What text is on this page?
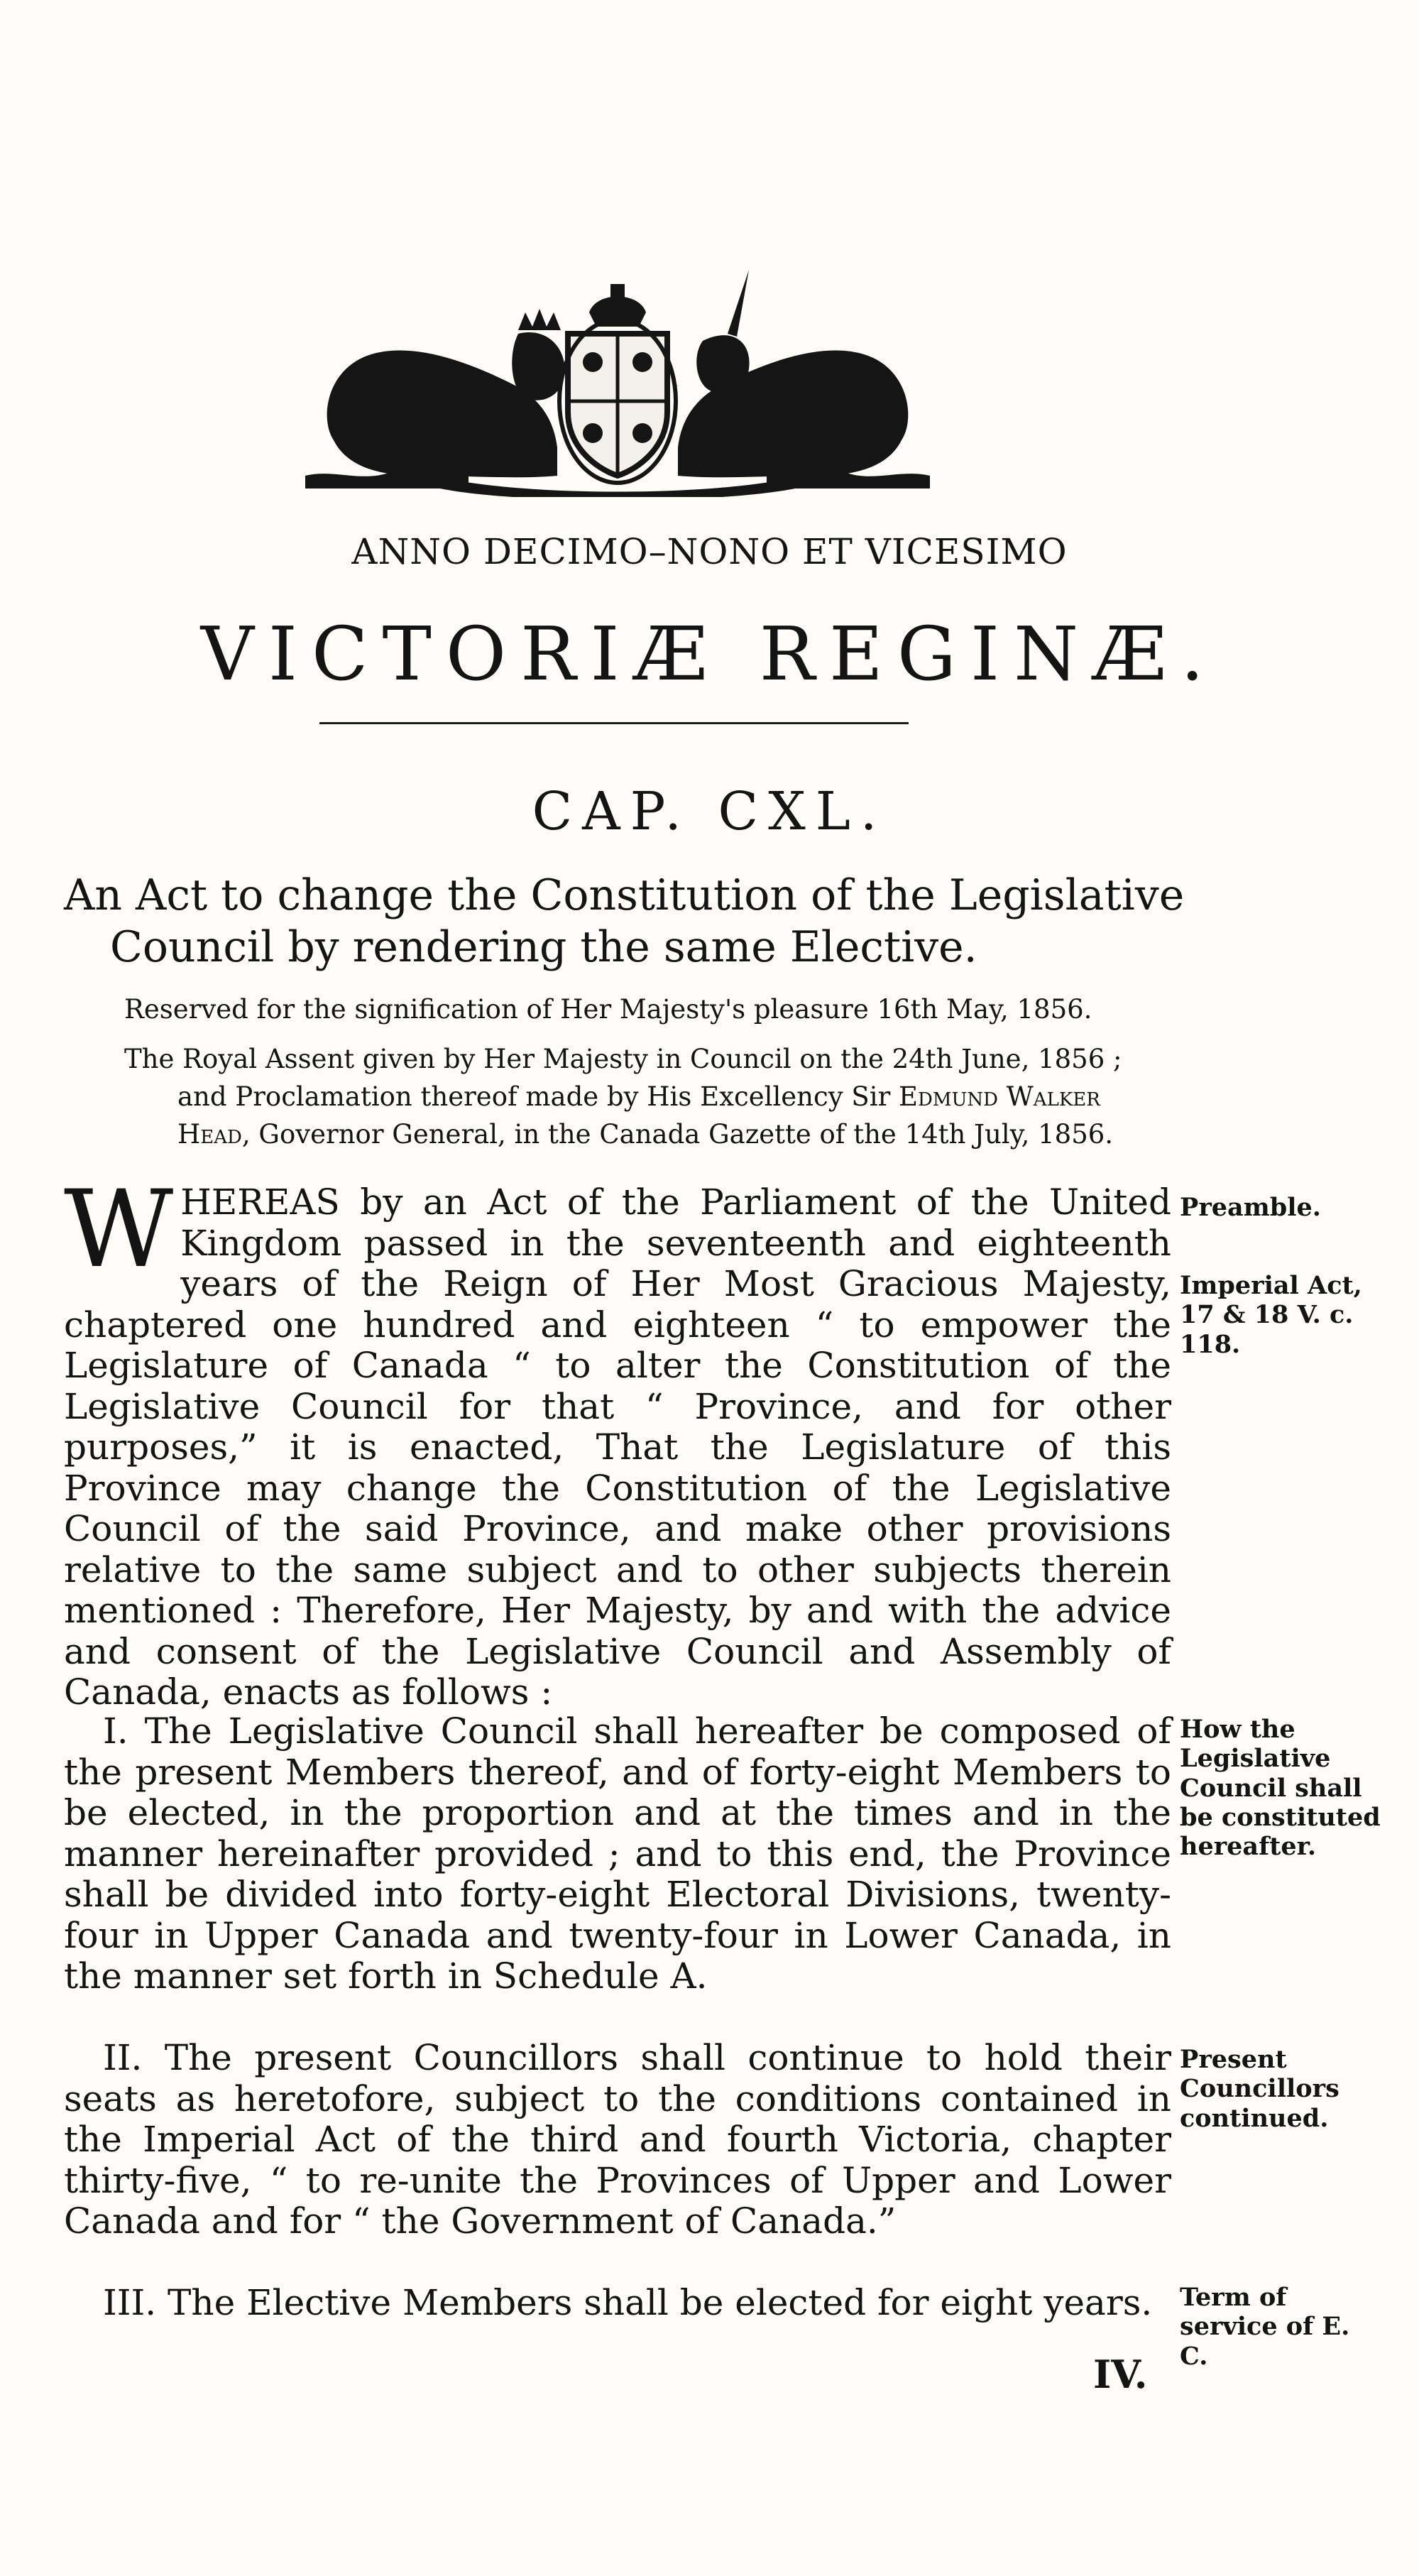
ANNO DECIMO–NONO ET VICESIMO
VICTORIÆ REGINÆ.
CAP. CXL.
An Act to change the Constitution of the Legislative
Council by rendering the same Elective.
Reserved for the signification of Her Majesty's pleasure 16th May, 1856.
The Royal Assent given by Her Majesty in Council on the 24th June, 1856 ;
and Proclamation thereof made by His Excellency Sir Edmund Walker
Head, Governor General, in the Canada Gazette of the 14th July, 1856.
WHEREAS by an Act of the Parliament of the United Kingdom passed in the seventeenth and eighteenth years of the Reign of Her Most Gracious Majesty, chaptered one hundred and eighteen “ to empower the Legislature of Canada “ to alter the Constitution of the Legislative Council for that “ Province, and for other purposes,” it is enacted, That the Legislature of this Province may change the Constitution of the Legislative Council of the said Province, and make other provisions relative to the same subject and to other subjects therein mentioned : Therefore, Her Majesty, by and with the advice and consent of the Legislative Council and Assembly of Canada, enacts as follows :
I. The Legislative Council shall hereafter be composed of the present Members thereof, and of forty-eight Members to be elected, in the proportion and at the times and in the manner hereinafter provided ; and to this end, the Province shall be divided into forty-eight Electoral Divisions, twenty-four in Upper Canada and twenty-four in Lower Canada, in the manner set forth in Schedule A.
II. The present Councillors shall continue to hold their seats as heretofore, subject to the conditions contained in the Imperial Act of the third and fourth Victoria, chapter thirty-five, “ to re-unite the Provinces of Upper and Lower Canada and for “ the Government of Canada.”
III. The Elective Members shall be elected for eight years.
Preamble.
Imperial Act, 17 & 18 V. c. 118.
How the Legislative Council shall be constituted hereafter.
Present Councillors continued.
Term of service of E. C.
IV.
